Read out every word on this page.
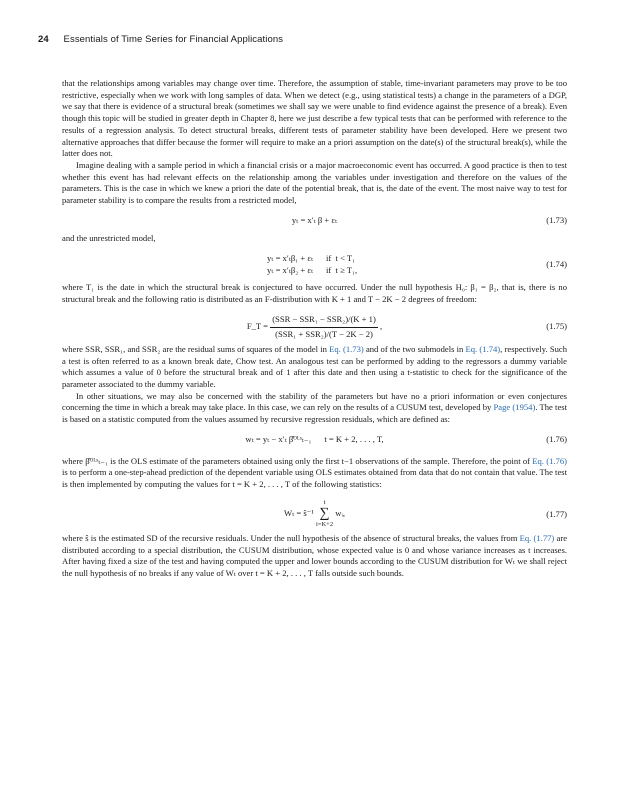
24 Essentials of Time Series for Financial Applications

that the relationships among variables may change over time. Therefore, the assumption of stable, time-invariant parameters may prove to be too restrictive, especially when we work with long samples of data. When we detect (e.g., using statistical tests) a change in the parameters of a DGP, we say that there is evidence of a structural break (sometimes we shall say we were unable to find evidence against the presence of a break). Even though this topic will be studied in greater depth in Chapter 8, here we just describe a few typical tests that can be performed with reference to the results of a regression analysis. To detect structural breaks, different tests of parameter stability have been developed. Here we present two alternative approaches that differ because the former will require to make an a priori assumption on the date(s) of the structural break(s), while the latter does not.

Imagine dealing with a sample period in which a financial crisis or a major macroeconomic event has occurred. A good practice is then to test whether this event has had relevant effects on the relationship among the variables under investigation and therefore on the values of the parameters. This is the case in which we knew a priori the date of the potential break, that is, the date of the event. The most naive way to test for parameter stability is to compare the results from a restricted model,

yₜ = x′ₜ β + εₜ	(1.73)

and the unrestricted model,

yₜ = x′ₜβ₁ + εₜ      if  t < T₁
yₜ = x′ₜβ₂ + εₜ      if  t ≥ T₁,
(1.74)

where T₁ is the date in which the structural break is conjectured to have occurred. Under the null hypothesis H₀: β₁ = β₂, that is, there is no structural break and the following ratio is distributed as an F-distribution with K + 1 and T − 2K − 2 degrees of freedom:

F_T = $\frac{\text{(SSR − SSR₁ − SSR₂)/(K + 1)}}{\text{(SSR₁ + SSR₂)/(T − 2K − 2)}}$ ,	(1.75)

where SSR, SSR₁, and SSR₂ are the residual sums of squares of the model in Eq. (1.73) and of the two submodels in Eq. (1.74), respectively. Such a test is often referred to as a known break date, Chow test. An analogous test can be performed by adding to the regressors a dummy variable which assumes a value of 0 before the structural break and of 1 after this date and then using a t-statistic to check for the significance of the parameter associated to the dummy variable.

In other situations, we may also be concerned with the stability of the parameters but have no a priori information or even conjectures concerning the time in which a break may take place. In this case, we can rely on the results of a CUSUM test, developed by Page (1954). The test is based on a statistic computed from the values assumed by recursive regression residuals, which are defined as:

wₜ = yₜ − x′ₜ β̂ᴼᴸˢₜ₋₁      t = K + 2, . . . , T,	(1.76)

where β̂ᴼᴸˢₜ₋₁ is the OLS estimate of the parameters obtained using only the first t−1 observations of the sample. Therefore, the point of Eq. (1.76) is to perform a one-step-ahead prediction of the dependent variable using OLS estimates obtained from data that do not contain that value. The test is then implemented by computing the values for t = K + 2, . . . , T of the following statistics:

Wₜ = ŝ⁻¹ t
∑
i=K+2 wᵢ,	(1.77)

where ŝ is the estimated SD of the recursive residuals. Under the null hypothesis of the absence of structural breaks, the values from Eq. (1.77) are distributed according to a special distribution, the CUSUM distribution, whose expected value is 0 and whose variance increases as t increases. After having fixed a size of the test and having computed the upper and lower bounds according to the CUSUM distribution for Wₜ we shall reject the null hypothesis of no breaks if any value of Wₜ over t = K + 2, . . . , T falls outside such bounds.
